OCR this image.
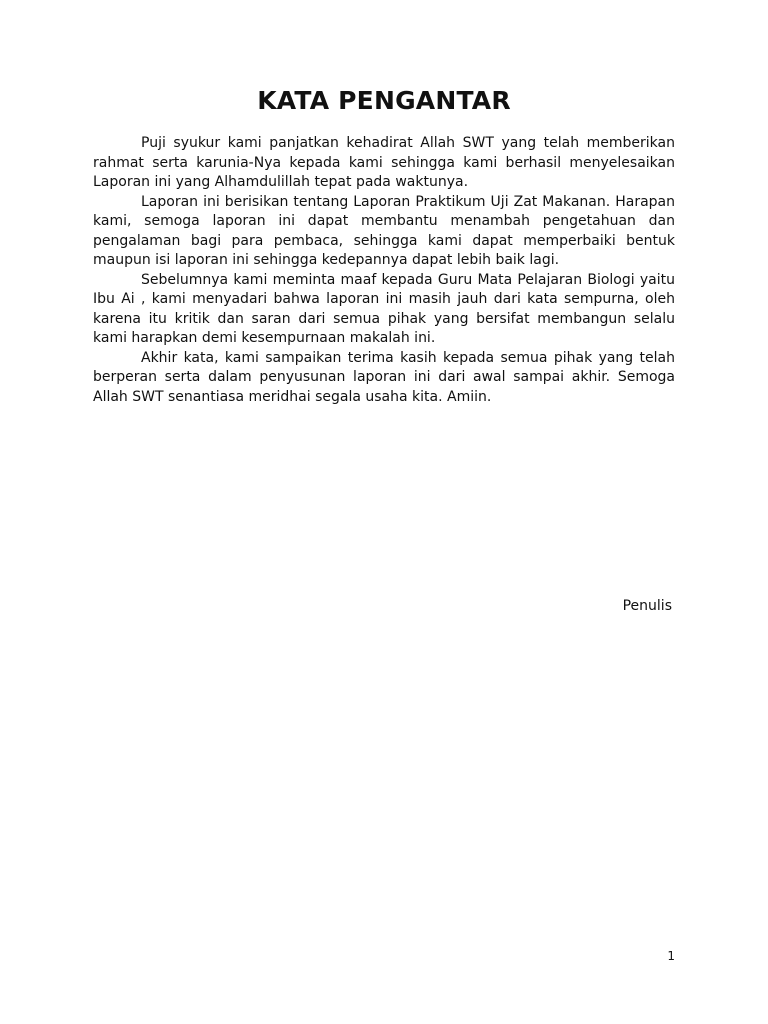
KATA PENGANTAR

Puji syukur kami panjatkan kehadirat Allah SWT yang telah memberikan rahmat serta karunia-Nya kepada kami sehingga kami berhasil menyelesaikan Laporan ini yang Alhamdulillah tepat pada waktunya.

Laporan ini berisikan tentang Laporan Praktikum Uji Zat Makanan. Harapan kami, semoga laporan ini dapat membantu menambah pengetahuan dan pengalaman bagi para pembaca, sehingga kami dapat memperbaiki bentuk maupun isi laporan ini sehingga kedepannya dapat lebih baik lagi.

Sebelumnya kami meminta maaf kepada Guru Mata Pelajaran Biologi yaitu Ibu Ai , kami menyadari bahwa laporan ini masih jauh dari kata sempurna, oleh karena itu kritik dan saran dari semua pihak yang bersifat membangun selalu kami harapkan demi kesempurnaan makalah ini.

Akhir kata, kami sampaikan terima kasih kepada semua pihak yang telah berperan serta dalam penyusunan laporan ini dari awal sampai akhir. Semoga Allah SWT senantiasa meridhai segala usaha kita. Amiin.

Penulis
1
